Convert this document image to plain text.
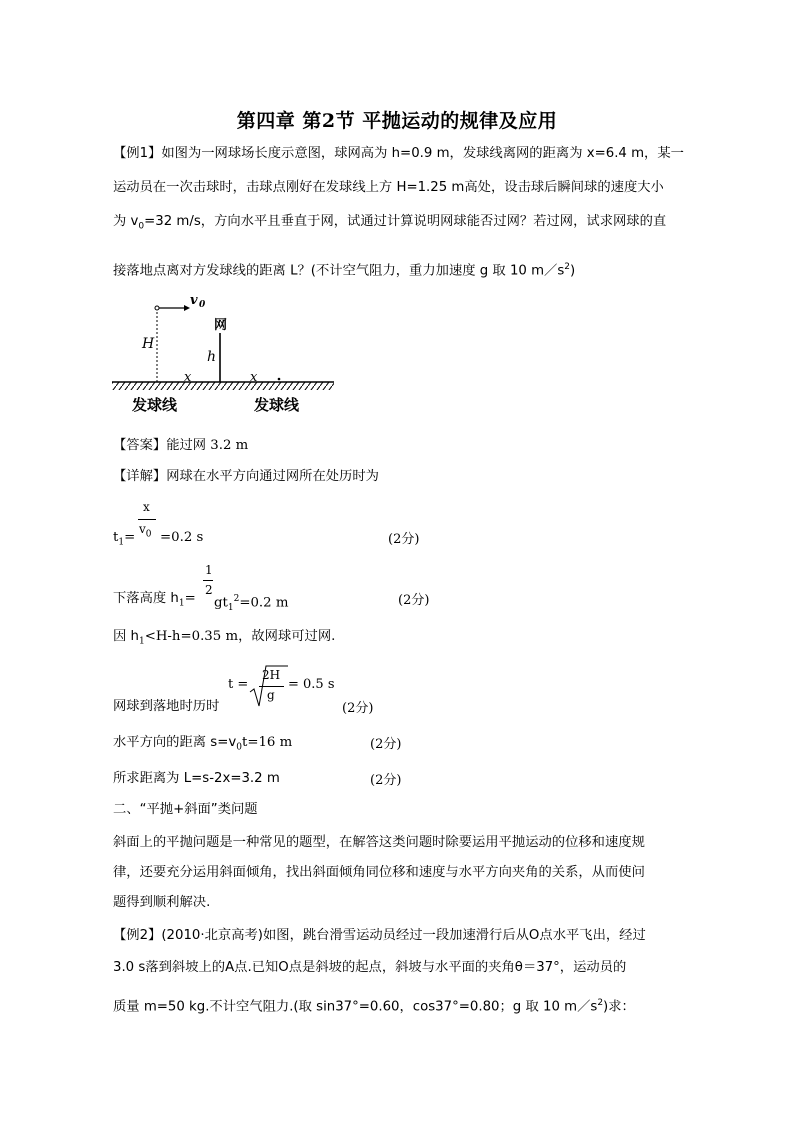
第四章 第2节 平抛运动的规律及应用
【例1】如图为一网球场长度示意图，球网高为 h=0.9 m，发球线离网的距离为 x=6.4 m，某一
运动员在一次击球时，击球点刚好在发球线上方 H=1.25 m高处，设击球后瞬间球的速度大小
为 $v_0=32$ m/s，方向水平且垂直于网，试通过计算说明网球能否过网？若过网，试求网球的直
接落地点离对方发球线的距离 L？(不计空气阻力，重力加速度 g 取 10 $m/s^2$)
v 0
网
H
h
x	x
发球线	发球线
【答案】能过网 3.2 m
【详解】网球在水平方向通过网所在处历时为
x
$v_0$
$t_1= =0.2$ s	(2分)
1
2
下落高度 $h_1= gt_1^2=0.2$ m	(2分)
因 $h_1<H-h=0.35$ m，故网球可过网.
t =
2H
g
= 0.5 s
网球到落地时历时	(2分)
水平方向的距离 $s=v_0t=16$ m	(2分)
所求距离为 L=s-2x=3.2 m	(2分)
二、“平抛+斜面”类问题
斜面上的平抛问题是一种常见的题型，在解答这类问题时除要运用平抛运动的位移和速度规
律，还要充分运用斜面倾角，找出斜面倾角同位移和速度与水平方向夹角的关系，从而使问
题得到顺利解决.
【例2】(2010·北京高考)如图，跳台滑雪运动员经过一段加速滑行后从O点水平飞出，经过
3.0 s落到斜坡上的A点.已知O点是斜坡的起点，斜坡与水平面的夹角θ＝37°，运动员的
质量 m=50 kg.不计空气阻力.(取 sin37°=0.60，cos37°=0.80；g 取 10 $m/s^2$)求：
